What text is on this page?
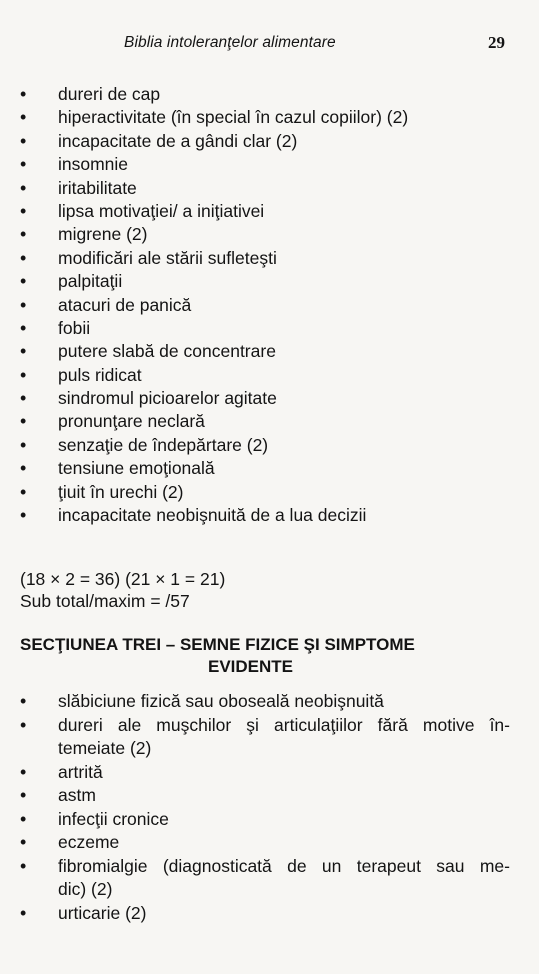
Biblia intoleranţelor alimentare	29
• dureri de cap
• hiperactivitate (în special în cazul copiilor) (2)
• incapacitate de a gândi clar (2)
• insomnie
• iritabilitate
• lipsa motivaţiei/ a iniţiativei
• migrene (2)
• modificări ale stării sufleteşti
• palpitaţii
• atacuri de panică
• fobii
• putere slabă de concentrare
• puls ridicat
• sindromul picioarelor agitate
• pronunţare neclară
• senzaţie de îndepărtare (2)
• tensiune emoţională
• ţiuit în urechi (2)
• incapacitate neobişnuită de a lua decizii
(18 × 2 = 36) (21 × 1 = 21)
Sub total/maxim = /57
SECŢIUNEA TREI – SEMNE FIZICE ŞI SIMPTOME
EVIDENTE
• slăbiciune fizică sau oboseală neobişnuită
• dureri ale muşchilor şi articulaţiilor fără motive în-
temeiate (2)
• artrită
• astm
• infecţii cronice
• eczeme
• fibromialgie (diagnosticată de un terapeut sau me-
dic) (2)
• urticarie (2)
